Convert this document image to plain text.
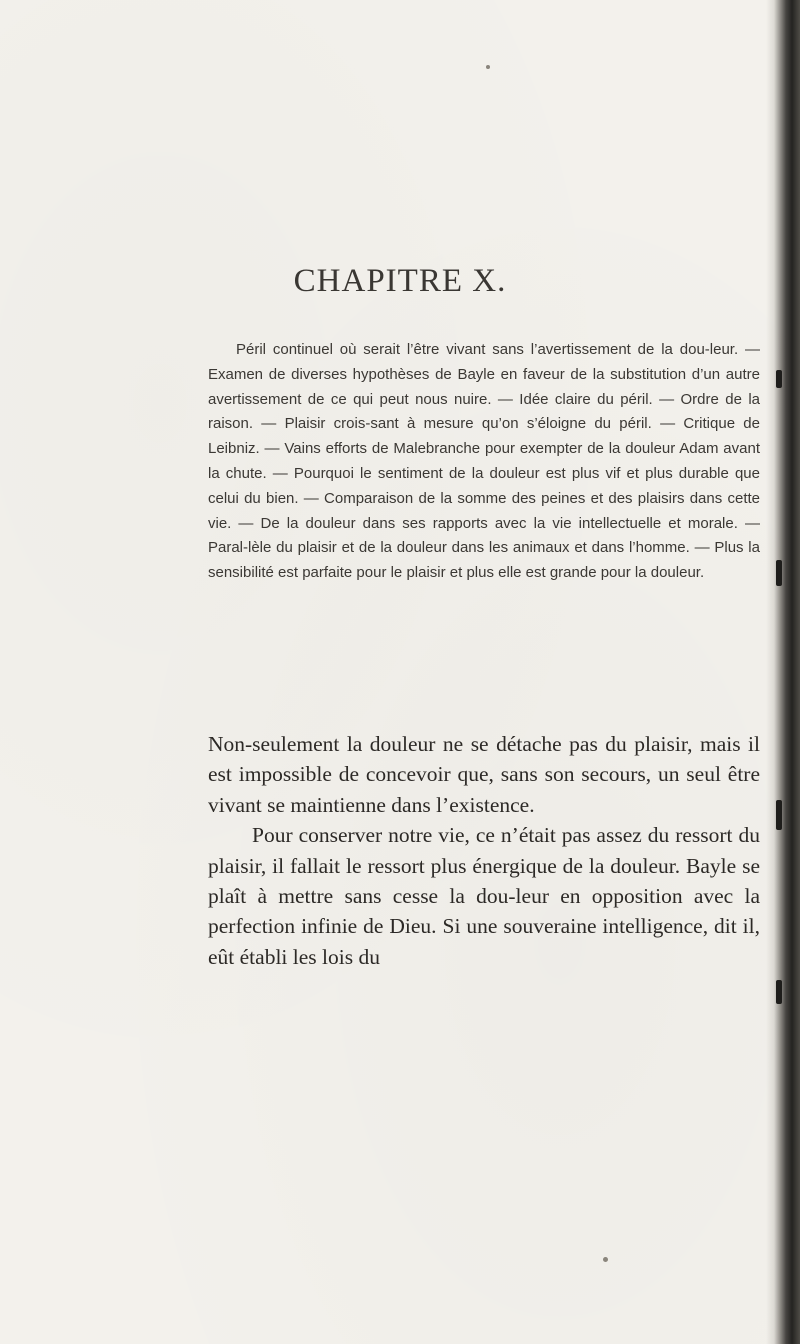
CHAPITRE X.

Péril continuel où serait l’être vivant sans l’avertissement de la dou-leur. — Examen de diverses hypothèses de Bayle en faveur de la substitution d’un autre avertissement de ce qui peut nous nuire. — Idée claire du péril. — Ordre de la raison. — Plaisir crois-sant à mesure qu’on s’éloigne du péril. — Critique de Leibniz. — Vains efforts de Malebranche pour exempter de la douleur Adam avant la chute. — Pourquoi le sentiment de la douleur est plus vif et plus durable que celui du bien. — Comparaison de la somme des peines et des plaisirs dans cette vie. — De la douleur dans ses rapports avec la vie intellectuelle et morale. — Paral-lèle du plaisir et de la douleur dans les animaux et dans l’homme. — Plus la sensibilité est parfaite pour le plaisir et plus elle est grande pour la douleur.

Non-seulement la douleur ne se détache pas du plaisir, mais il est impossible de concevoir que, sans son secours, un seul être vivant se maintienne dans l’existence.

Pour conserver notre vie, ce n’était pas assez du ressort du plaisir, il fallait le ressort plus énergique de la douleur. Bayle se plaît à mettre sans cesse la dou-leur en opposition avec la perfection infinie de Dieu. Si une souveraine intelligence, dit il, eût établi les lois du
